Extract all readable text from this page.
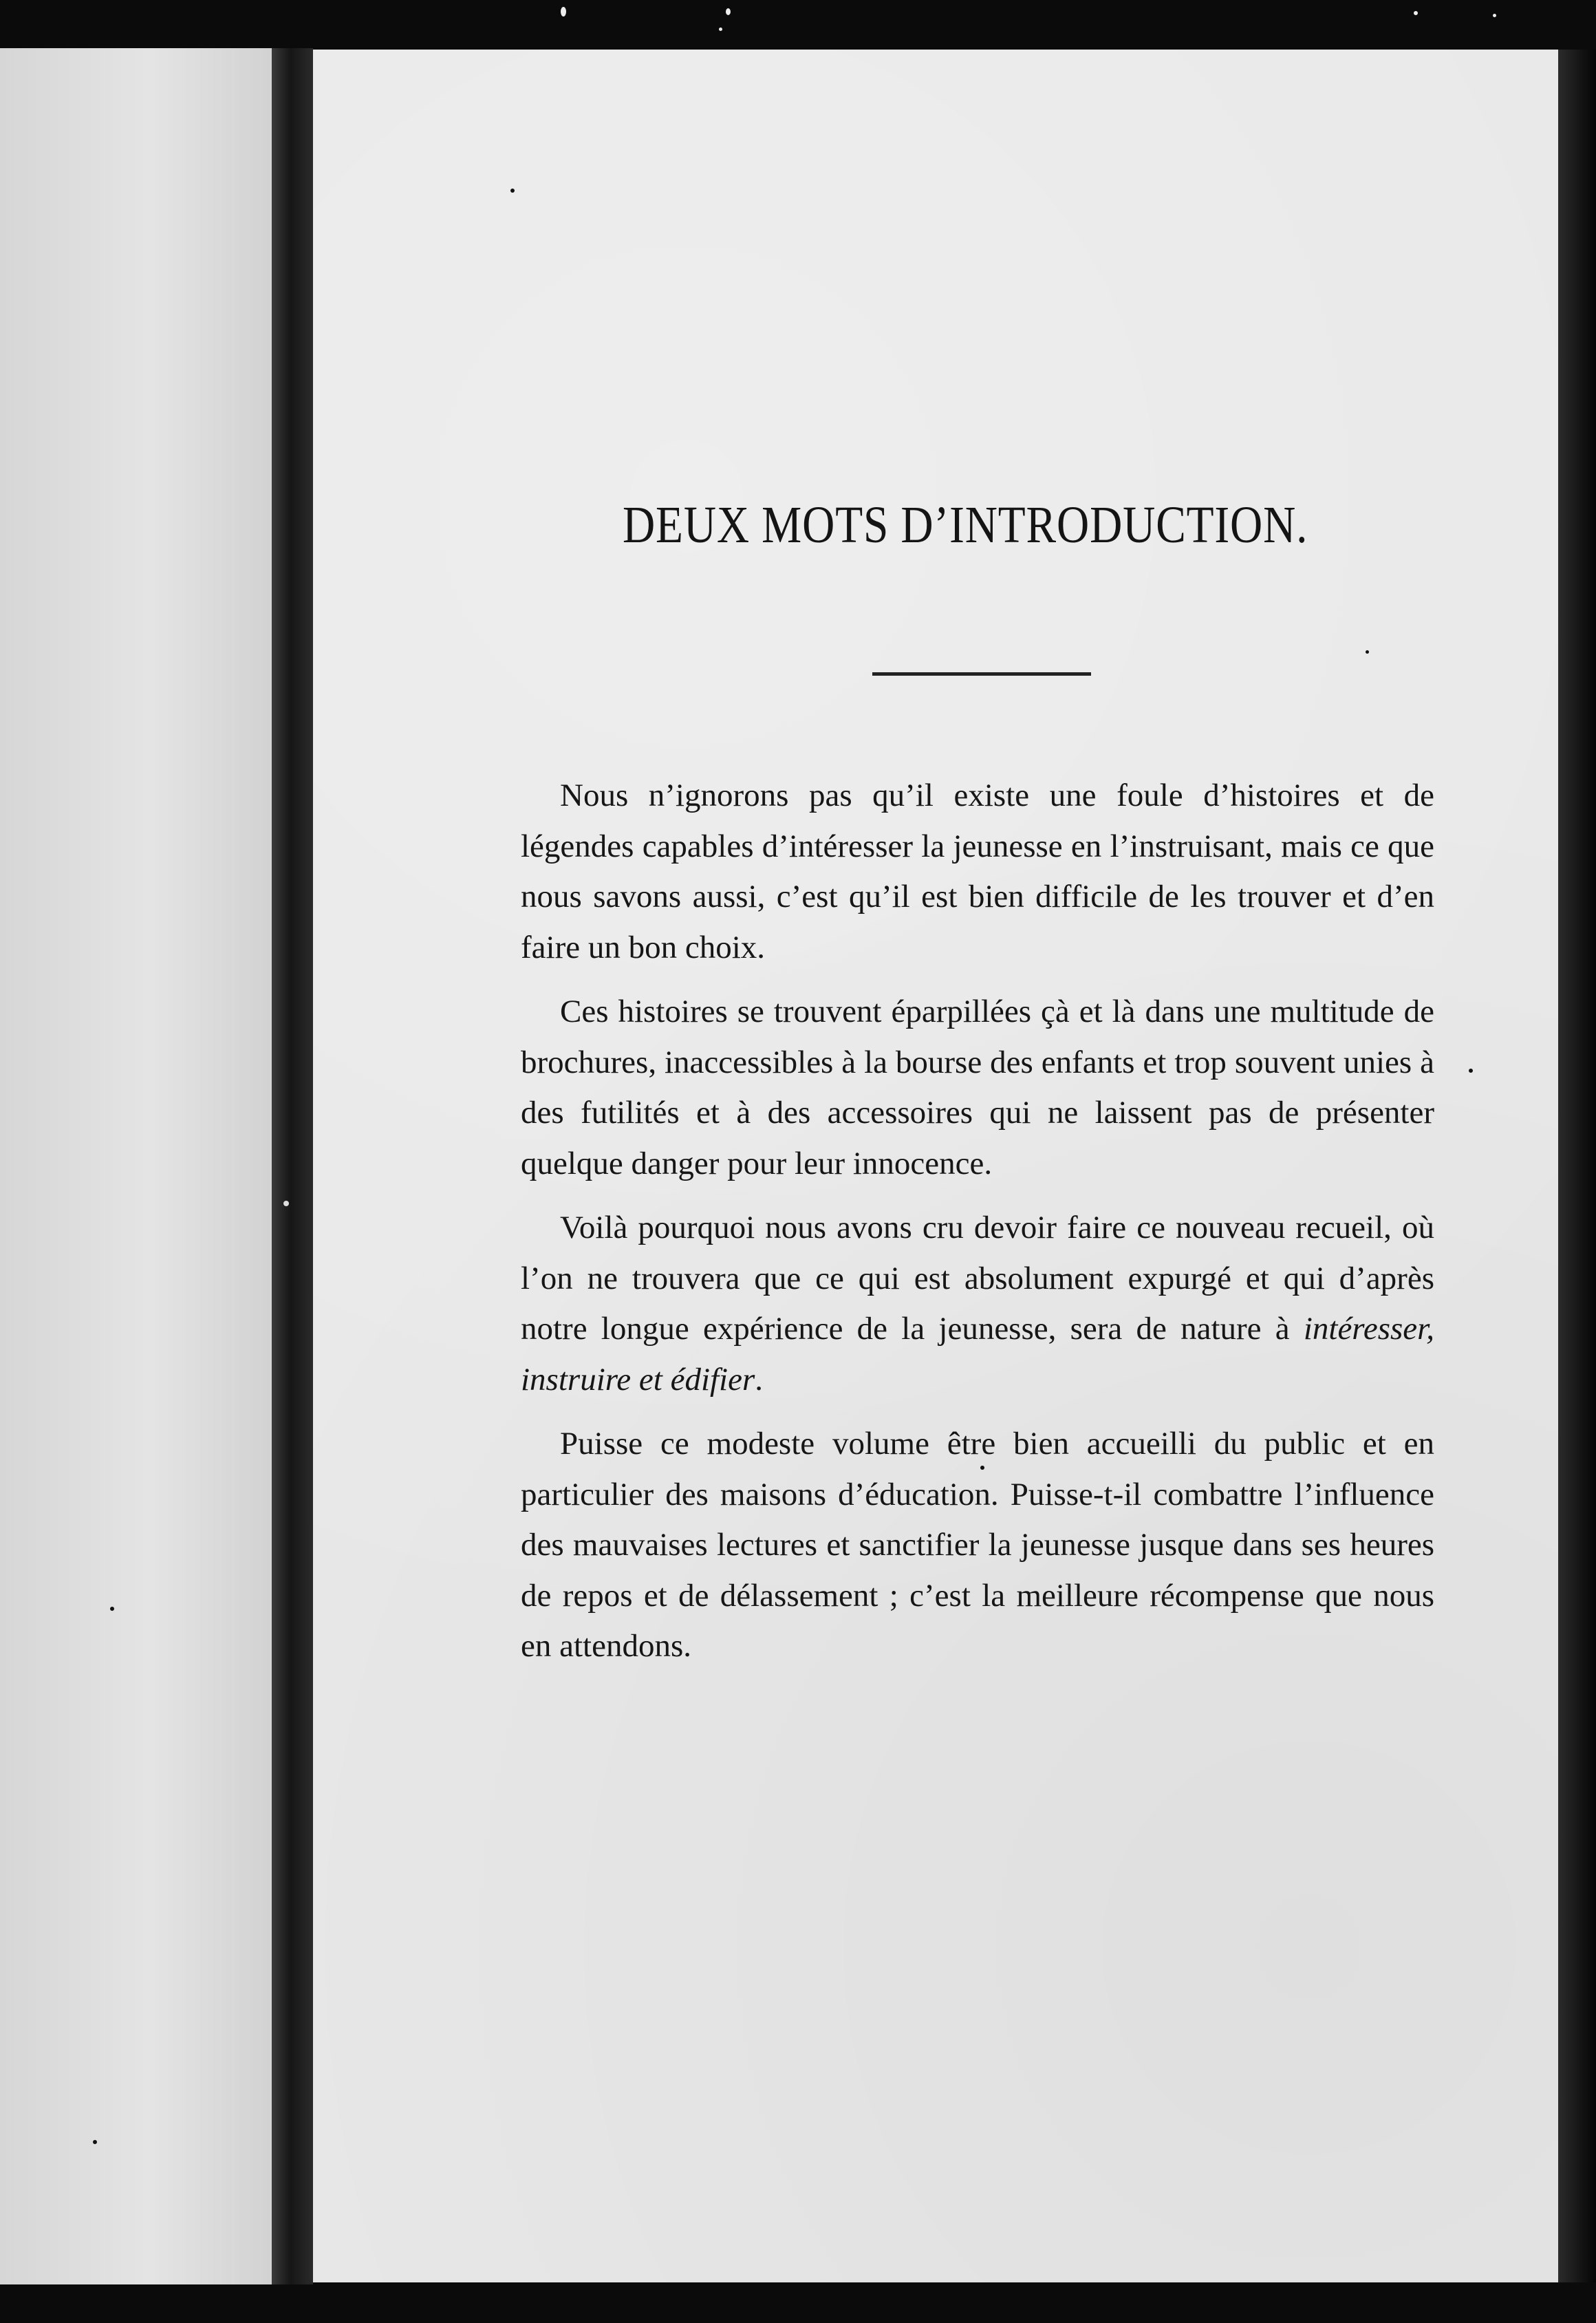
DEUX MOTS D’INTRODUCTION.

Nous n’ignorons pas qu’il existe une foule d’histoires et de légendes capables d’intéresser la jeunesse en l’instruisant, mais ce que nous savons aussi, c’est qu’il est bien difficile de les trouver et d’en faire un bon choix.

Ces histoires se trouvent éparpillées çà et là dans une multitude de brochures, inaccessibles à la bourse des enfants et trop souvent unies à des futilités et à des accessoires qui ne laissent pas de présenter quelque danger pour leur innocence.

Voilà pourquoi nous avons cru devoir faire ce nouveau recueil, où l’on ne trouvera que ce qui est absolument expurgé et qui d’après notre longue expérience de la jeunesse, sera de nature à intéresser, instruire et édifier.

Puisse ce modeste volume être bien accueilli du public et en particulier des maisons d’éducation. Puisse-t-il combattre l’influence des mauvaises lectures et sanctifier la jeunesse jusque dans ses heures de repos et de délassement ; c’est la meilleure récompense que nous en attendons.
